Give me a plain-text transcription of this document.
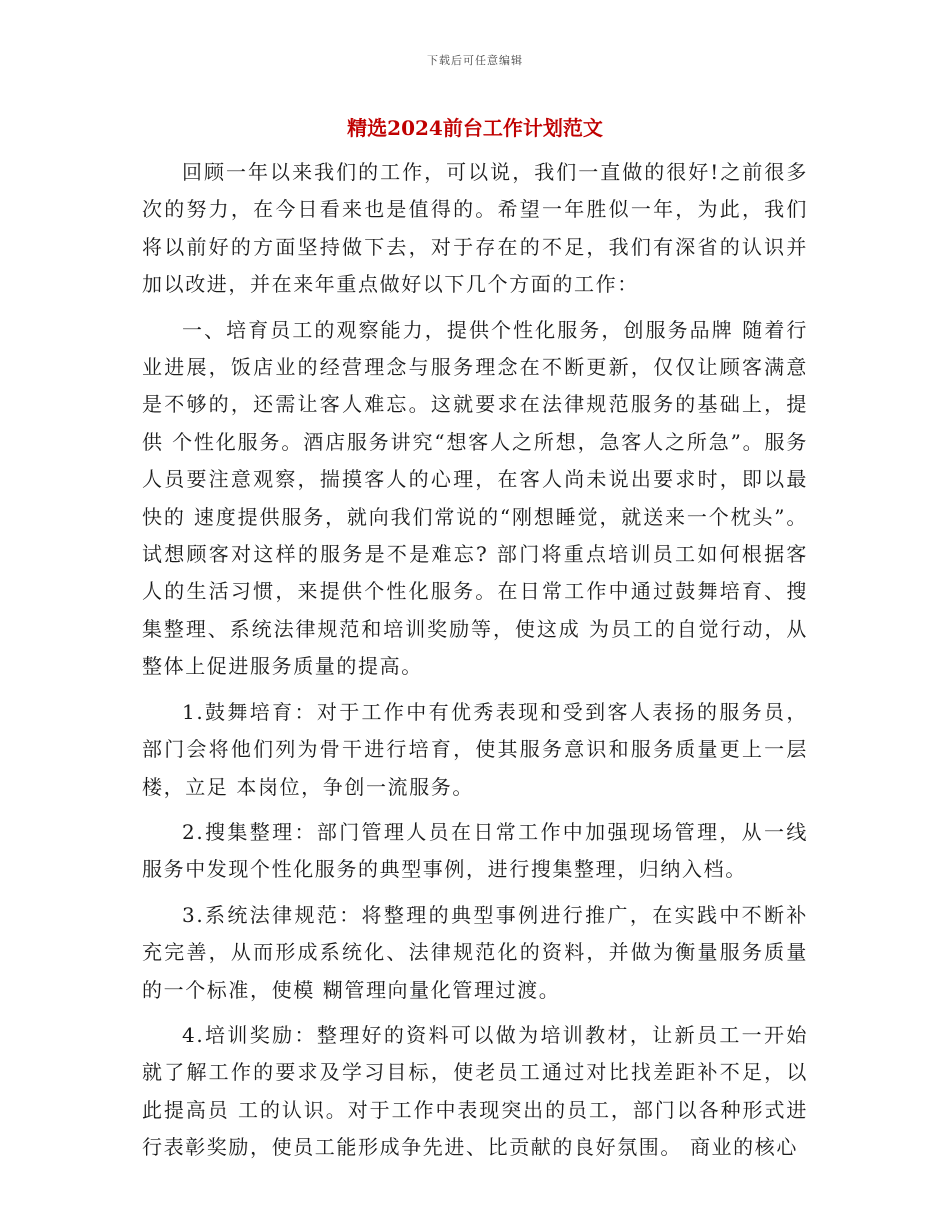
下载后可任意编辑
精选2024前台工作计划范文

回顾一年以来我们的工作，可以说，我们一直做的很好!之前很多次的努力，在今日看来也是值得的。希望一年胜似一年，为此，我们将以前好的方面坚持做下去，对于存在的不足，我们有深省的认识并加以改进，并在来年重点做好以下几个方面的工作：

一、培育员工的观察能力，提供个性化服务，创服务品牌 随着行业进展，饭店业的经营理念与服务理念在不断更新，仅仅让顾客满意是不够的，还需让客人难忘。这就要求在法律规范服务的基础上，提供 个性化服务。酒店服务讲究“想客人之所想，急客人之所急”。服务人员要注意观察，揣摸客人的心理，在客人尚未说出要求时，即以最快的 速度提供服务，就向我们常说的“刚想睡觉，就送来一个枕头”。试想顾客对这样的服务是不是难忘? 部门将重点培训员工如何根据客人的生活习惯，来提供个性化服务。在日常工作中通过鼓舞培育、搜集整理、系统法律规范和培训奖励等，使这成 为员工的自觉行动，从整体上促进服务质量的提高。

1.鼓舞培育：对于工作中有优秀表现和受到客人表扬的服务员，部门会将他们列为骨干进行培育，使其服务意识和服务质量更上一层楼，立足 本岗位，争创一流服务。

2.搜集整理：部门管理人员在日常工作中加强现场管理，从一线服务中发现个性化服务的典型事例，进行搜集整理，归纳入档。

3.系统法律规范：将整理的典型事例进行推广，在实践中不断补充完善，从而形成系统化、法律规范化的资料，并做为衡量服务质量的一个标准，使模 糊管理向量化管理过渡。

4.培训奖励：整理好的资料可以做为培训教材，让新员工一开始就了解工作的要求及学习目标，使老员工通过对比找差距补不足，以此提高员 工的认识。对于工作中表现突出的员工，部门以各种形式进行表彰奖励，使员工能形成争先进、比贡献的良好氛围。 商业的核心
